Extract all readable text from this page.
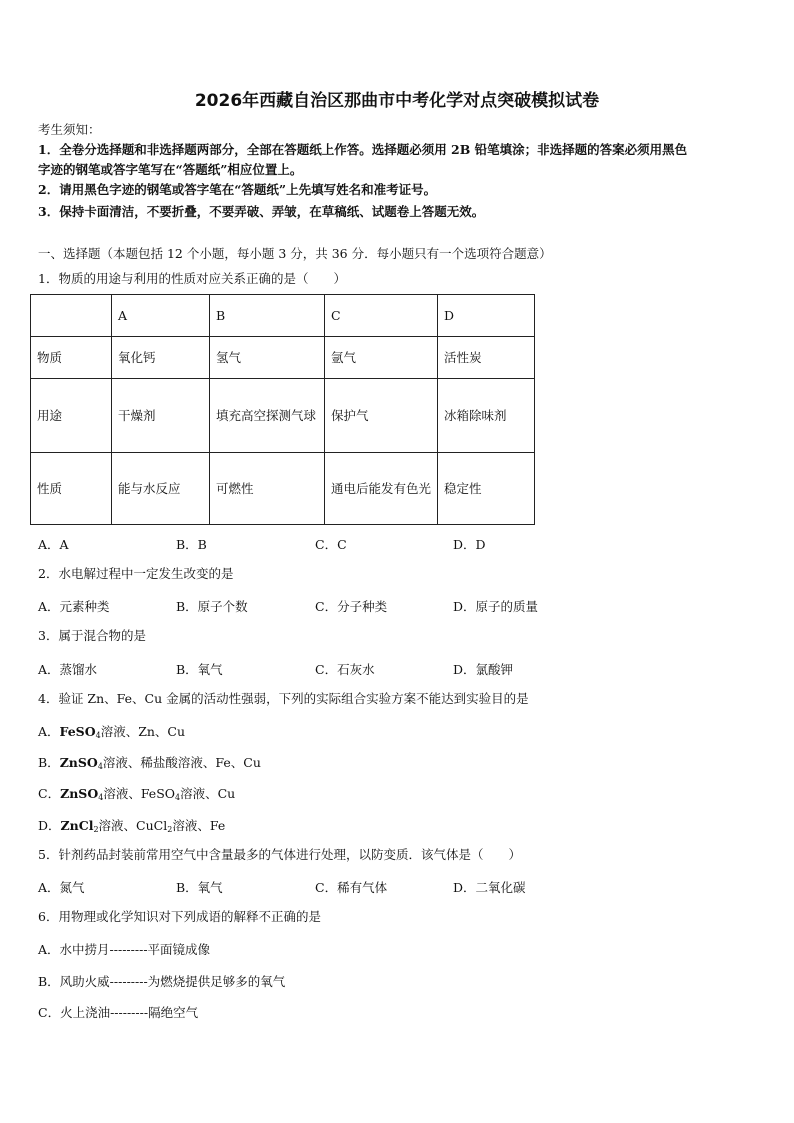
2026年西藏自治区那曲市中考化学对点突破模拟试卷
考生须知：
1．全卷分选择题和非选择题两部分，全部在答题纸上作答。选择题必须用 2B 铅笔填涂；非选择题的答案必须用黑色
字迹的钢笔或答字笔写在“答题纸”相应位置上。
2．请用黑色字迹的钢笔或答字笔在“答题纸”上先填写姓名和准考证号。
3．保持卡面清洁，不要折叠，不要弄破、弄皱，在草稿纸、试题卷上答题无效。
一、选择题（本题包括 12 个小题，每小题 3 分，共 36 分．每小题只有一个选项符合题意）
1．物质的用途与利用的性质对应关系正确的是（　　）
	A	B	C	D
物质	氧化钙	氢气	氩气	活性炭
用途	干燥剂	填充高空探测气球	保护气	冰箱除味剂
性质	能与水反应	可燃性	通电后能发有色光	稳定性
A．A	B．B	C．C	D．D
2．水电解过程中一定发生改变的是
A．元素种类	B．原子个数	C．分子种类	D．原子的质量
3．属于混合物的是
A．蒸馏水	B．氧气	C．石灰水	D．氯酸钾
4．验证 Zn、Fe、Cu 金属的活动性强弱，下列的实际组合实验方案不能达到实验目的是
A．FeSO$_4$溶液、Zn、Cu
B．ZnSO$_4$溶液、稀盐酸溶液、Fe、Cu
C．ZnSO$_4$溶液、FeSO$_4$溶液、Cu
D．ZnCl$_2$溶液、CuCl$_2$溶液、Fe
5．针剂药品封装前常用空气中含量最多的气体进行处理，以防变质．该气体是（　　）
A．氮气	B．氧气	C．稀有气体	D．二氧化碳
6．用物理或化学知识对下列成语的解释不正确的是
A．水中捞月---------平面镜成像
B．风助火威---------为燃烧提供足够多的氧气
C．火上浇油---------隔绝空气
